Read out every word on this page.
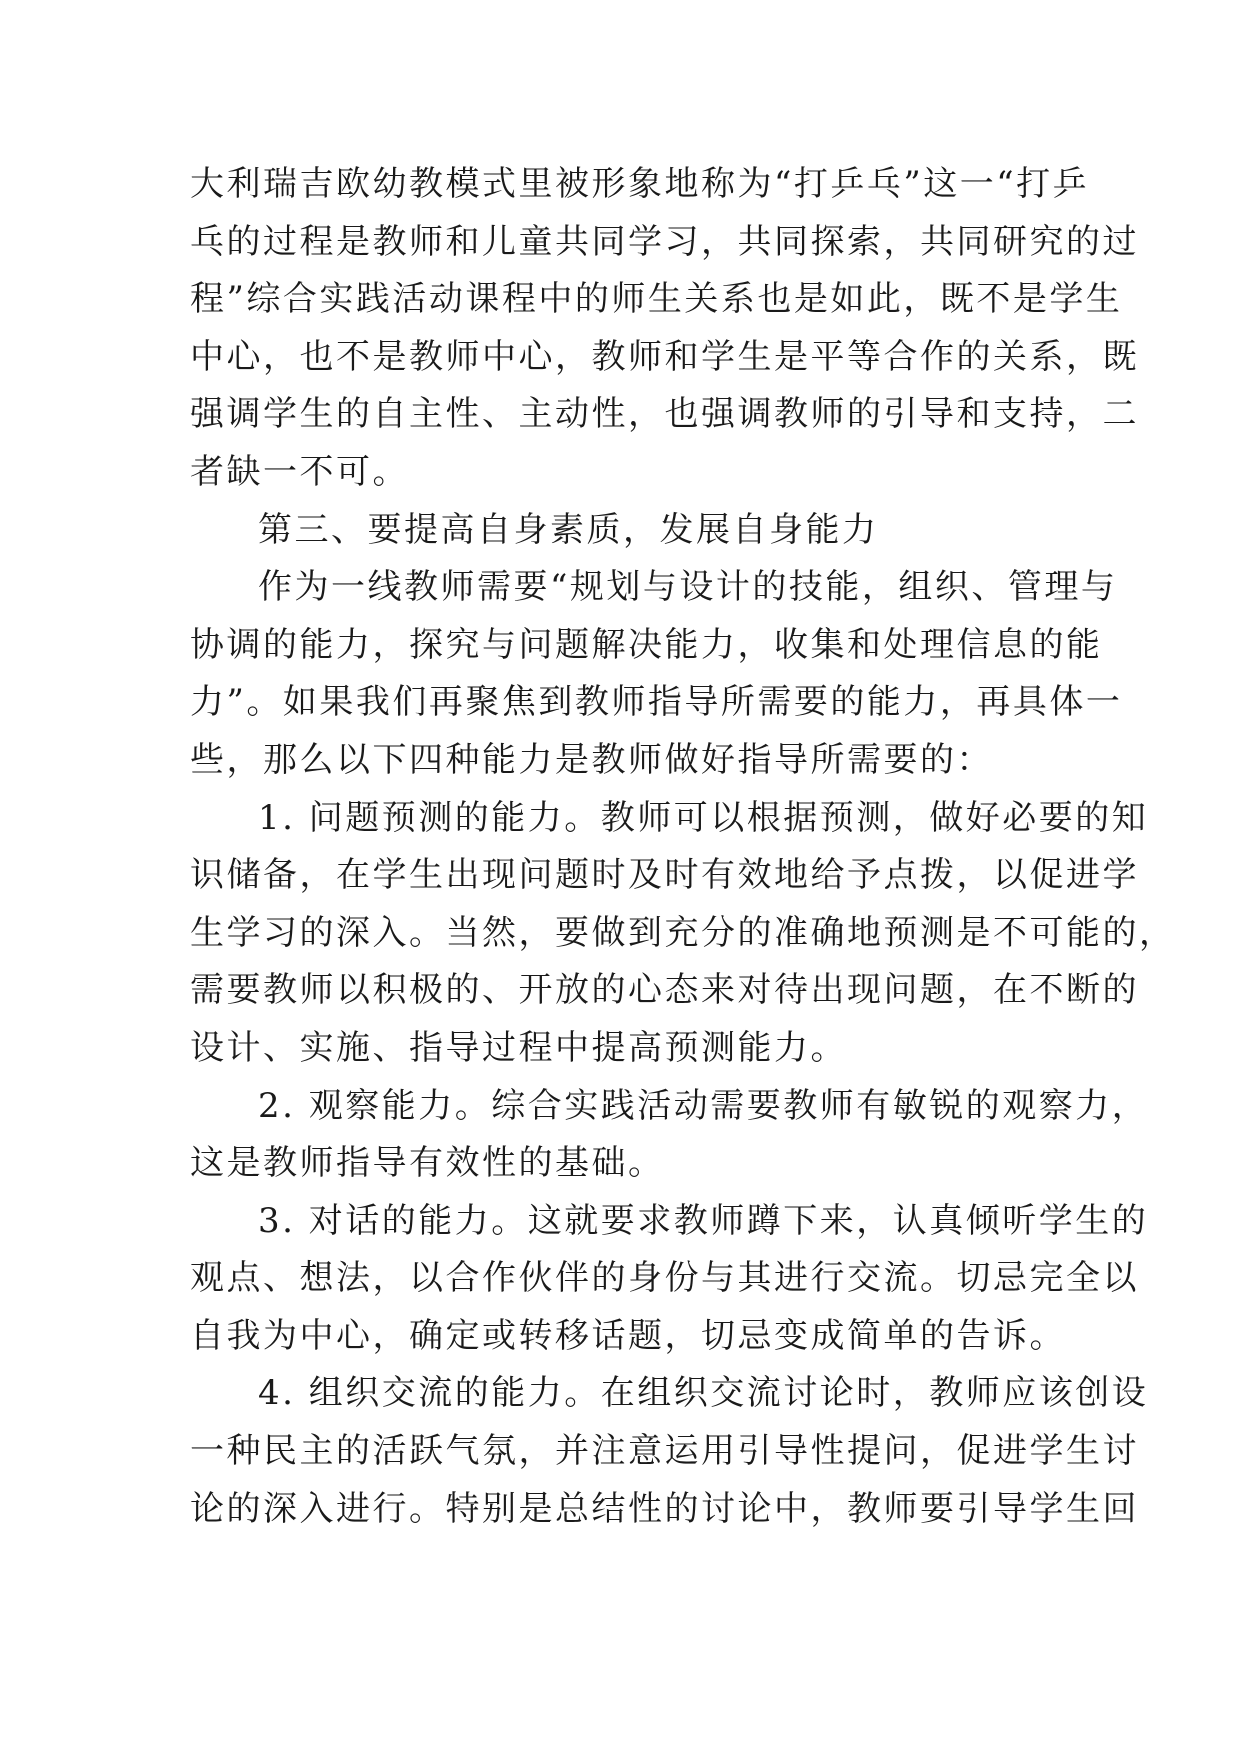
大利瑞吉欧幼教模式里被形象地称为“打乒乓”这一“打乒
乓的过程是教师和儿童共同学习，共同探索，共同研究的过
程”综合实践活动课程中的师生关系也是如此，既不是学生
中心，也不是教师中心，教师和学生是平等合作的关系，既
强调学生的自主性、主动性，也强调教师的引导和支持，二
者缺一不可。
第三、要提高自身素质，发展自身能力
作为一线教师需要“规划与设计的技能，组织、管理与
协调的能力，探究与问题解决能力，收集和处理信息的能
力”。如果我们再聚焦到教师指导所需要的能力，再具体一
些，那么以下四种能力是教师做好指导所需要的：
1. 问题预测的能力。教师可以根据预测，做好必要的知
识储备，在学生出现问题时及时有效地给予点拨，以促进学
生学习的深入。当然，要做到充分的准确地预测是不可能的，
需要教师以积极的、开放的心态来对待出现问题，在不断的
设计、实施、指导过程中提高预测能力。
2. 观察能力。综合实践活动需要教师有敏锐的观察力，
这是教师指导有效性的基础。
3. 对话的能力。这就要求教师蹲下来，认真倾听学生的
观点、想法，以合作伙伴的身份与其进行交流。切忌完全以
自我为中心，确定或转移话题，切忌变成简单的告诉。
4. 组织交流的能力。在组织交流讨论时，教师应该创设
一种民主的活跃气氛，并注意运用引导性提问，促进学生讨
论的深入进行。特别是总结性的讨论中，教师要引导学生回
